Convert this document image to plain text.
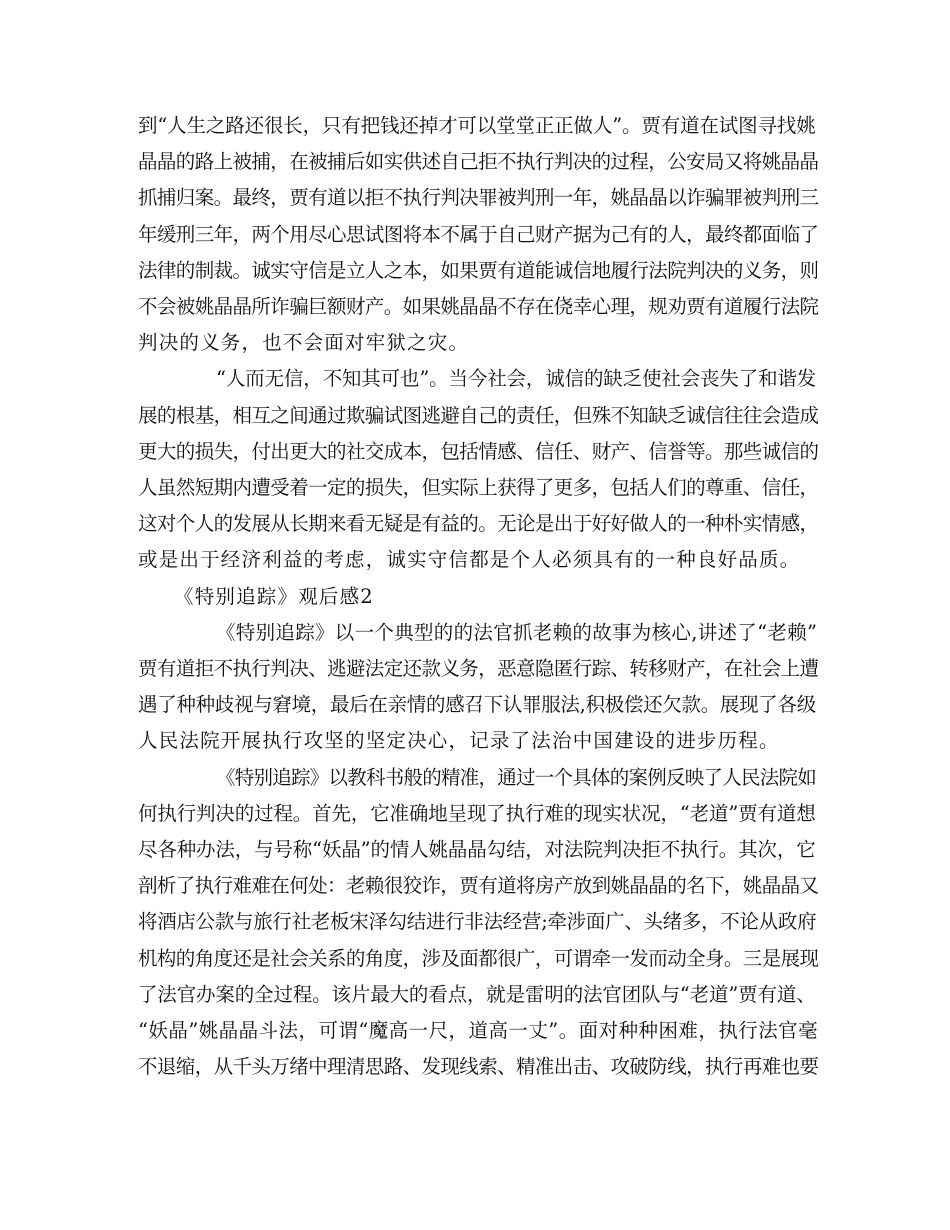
到“人生之路还很长，只有把钱还掉才可以堂堂正正做人”。贾有道在试图寻找姚
晶晶的路上被捕，在被捕后如实供述自己拒不执行判决的过程，公安局又将姚晶晶
抓捕归案。最终，贾有道以拒不执行判决罪被判刑一年，姚晶晶以诈骗罪被判刑三
年缓刑三年，两个用尽心思试图将本不属于自己财产据为己有的人，最终都面临了
法律的制裁。诚实守信是立人之本，如果贾有道能诚信地履行法院判决的义务，则
不会被姚晶晶所诈骗巨额财产。如果姚晶晶不存在侥幸心理，规劝贾有道履行法院
判决的义务，也不会面对牢狱之灾。
“人而无信，不知其可也”。当今社会，诚信的缺乏使社会丧失了和谐发
展的根基，相互之间通过欺骗试图逃避自己的责任，但殊不知缺乏诚信往往会造成
更大的损失，付出更大的社交成本，包括情感、信任、财产、信誉等。那些诚信的
人虽然短期内遭受着一定的损失，但实际上获得了更多，包括人们的尊重、信任，
这对个人的发展从长期来看无疑是有益的。无论是出于好好做人的一种朴实情感，
或是出于经济利益的考虑，诚实守信都是个人必须具有的一种良好品质。
《特别追踪》观后感2
《特别追踪》以一个典型的的法官抓老赖的故事为核心,讲述了“老赖”
贾有道拒不执行判决、逃避法定还款义务，恶意隐匿行踪、转移财产，在社会上遭
遇了种种歧视与窘境，最后在亲情的感召下认罪服法,积极偿还欠款。展现了各级
人民法院开展执行攻坚的坚定决心，记录了法治中国建设的进步历程。
《特别追踪》以教科书般的精准，通过一个具体的案例反映了人民法院如
何执行判决的过程。首先，它准确地呈现了执行难的现实状况，“老道”贾有道想
尽各种办法，与号称“妖晶”的情人姚晶晶勾结，对法院判决拒不执行。其次，它
剖析了执行难难在何处：老赖很狡诈，贾有道将房产放到姚晶晶的名下，姚晶晶又
将酒店公款与旅行社老板宋泽勾结进行非法经营;牵涉面广、头绪多，不论从政府
机构的角度还是社会关系的角度，涉及面都很广，可谓牵一发而动全身。三是展现
了法官办案的全过程。该片最大的看点，就是雷明的法官团队与“老道”贾有道、
“妖晶”姚晶晶斗法，可谓“魔高一尺，道高一丈”。面对种种困难，执行法官毫
不退缩，从千头万绪中理清思路、发现线索、精准出击、攻破防线，执行再难也要
